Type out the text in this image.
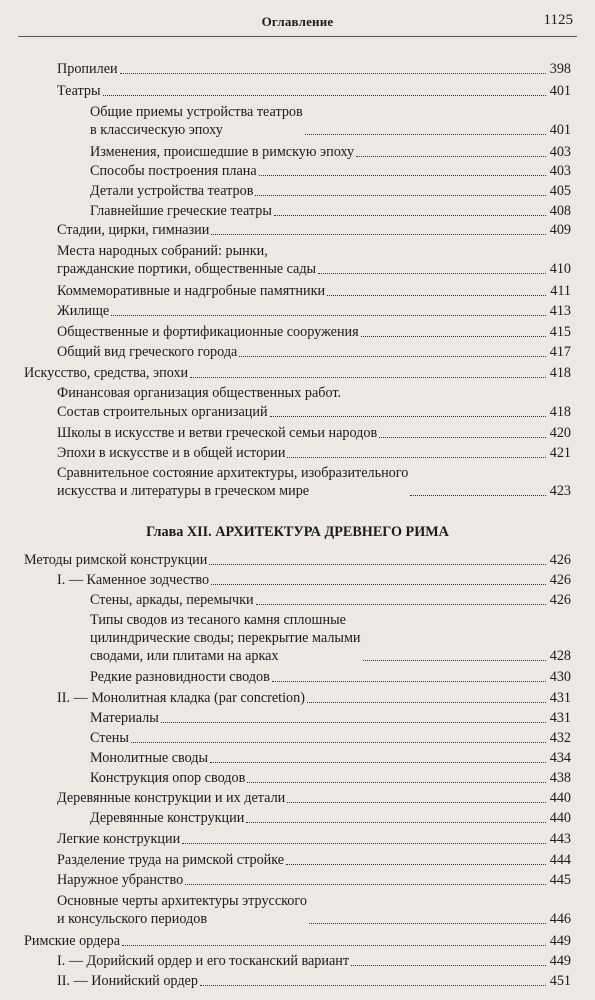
Оглавление	1125
Пропилеи	398
Театры	401
Общие приемы устройства театров
в классическую эпоху	401
Изменения, происшедшие в римскую эпоху	403
Способы построения плана	403
Детали устройства театров	405
Главнейшие греческие театры	408
Стадии, цирки, гимназии	409
Места народных собраний: рынки,
гражданские портики, общественные сады	410
Коммеморативные и надгробные памятники	411
Жилище	413
Общественные и фортификационные сооружения	415
Общий вид греческого города	417
Искусство, средства, эпохи	418
Финансовая организация общественных работ.
Состав строительных организаций	418
Школы в искусстве и ветви греческой семьи народов	420
Эпохи в искусстве и в общей истории	421
Сравнительное состояние архитектуры, изобразительного
искусства и литературы в греческом мире	423
Глава XII. АРХИТЕКТУРА ДРЕВНЕГО РИМА
Методы римской конструкции	426
I. — Каменное зодчество	426
Стены, аркады, перемычки	426
Типы сводов из тесаного камня сплошные
цилиндрические своды; перекрытие малыми
сводами, или плитами на арках	428
Редкие разновидности сводов	430
II. — Монолитная кладка (par concretion)	431
Материалы	431
Стены	432
Монолитные своды	434
Конструкция опор сводов	438
Деревянные конструкции и их детали	440
Деревянные конструкции	440
Легкие конструкции	443
Разделение труда на римской стройке	444
Наружное убранство	445
Основные черты архитектуры этрусского
и консульского периодов	446
Римские ордера	449
I. — Дорийский ордер и его тосканский вариант	449
II. — Ионийский ордер	451
